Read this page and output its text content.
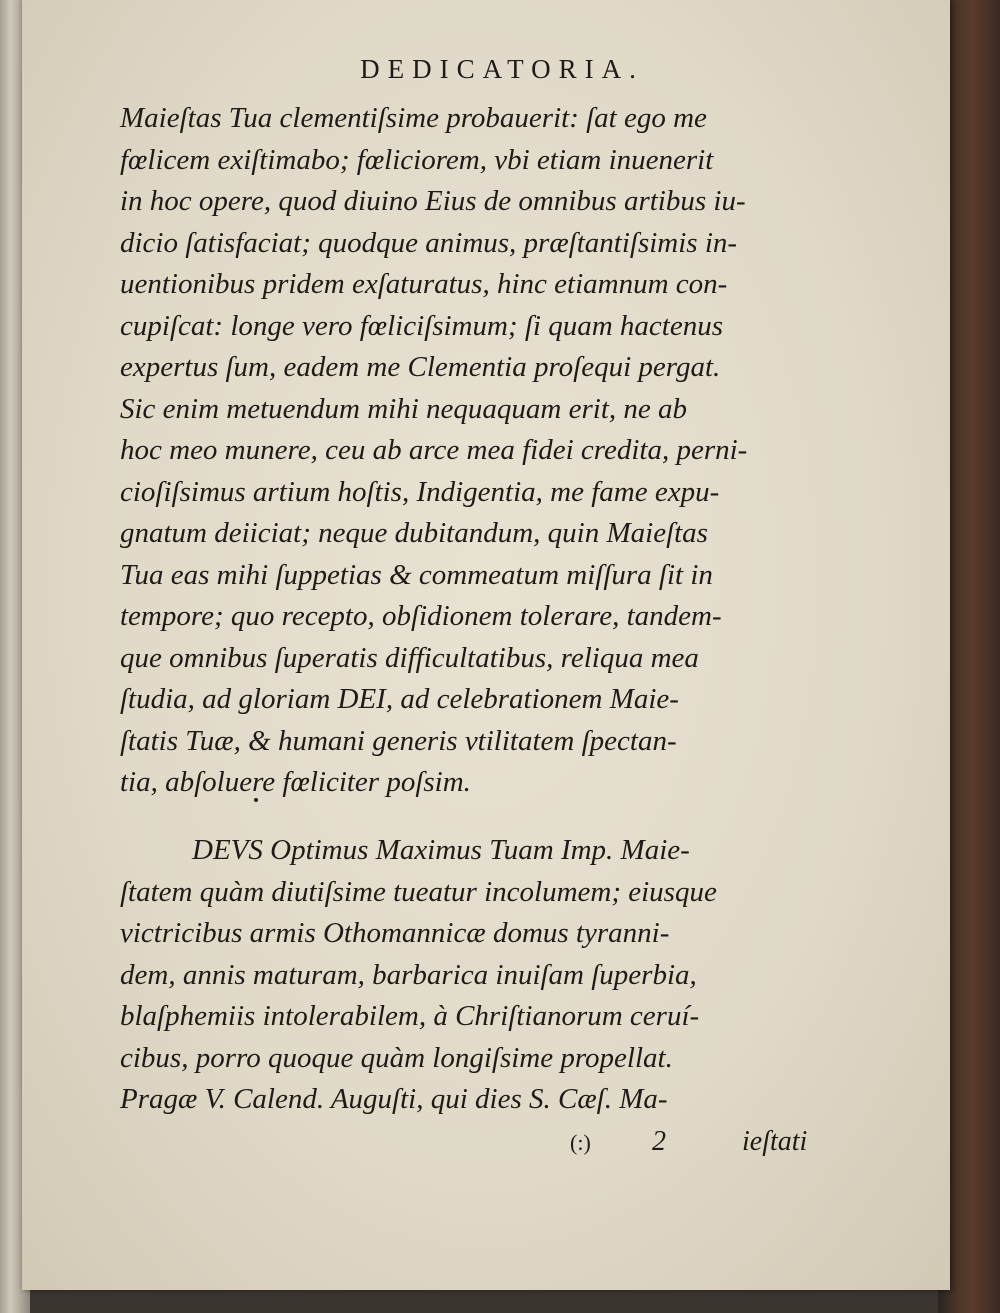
DEDICATORIA.
Maieſtas Tua clementiſsime probauerit: ſat ego me
fœlicem exiſtimabo; fœliciorem, vbi etiam inuenerit
in hoc opere, quod diuino Eius de omnibus artibus iu-
dicio ſatisfaciat; quodque animus, præſtantiſsimis in-
uentionibus pridem exſaturatus, hinc etiamnum con-
cupiſcat: longe vero fœliciſsimum; ſi quam hactenus
expertus ſum, eadem me Clementia proſequi pergat.
Sic enim metuendum mihi nequaquam erit, ne ab
hoc meo munere, ceu ab arce mea fidei credita, perni-
cioſiſsimus artium hoſtis, Indigentia, me fame expu-
gnatum deiiciat; neque dubitandum, quin Maieſtas
Tua eas mihi ſuppetias & commeatum miſſura ſit in
tempore; quo recepto, obſidionem tolerare, tandem-
que omnibus ſuperatis difficultatibus, reliqua mea
ſtudia, ad gloriam DEI, ad celebrationem Maie-
ſtatis Tuæ, & humani generis vtilitatem ſpectan-
tia, abſoluere fœliciter poſsim.
DEVS Optimus Maximus Tuam Imp. Maie-
ſtatem quàm diutiſsime tueatur incolumem; eiusque
victricibus armis Othomannicæ domus tyranni-
dem, annis maturam, barbarica inuiſam ſuperbia,
blaſphemiis intolerabilem, à Chriſtianorum ceruí-
cibus, porro quoque quàm longiſsime propellat.
Pragæ V. Calend. Auguſti, qui dies S. Cæſ. Ma-
(:) 2	ieſtati
